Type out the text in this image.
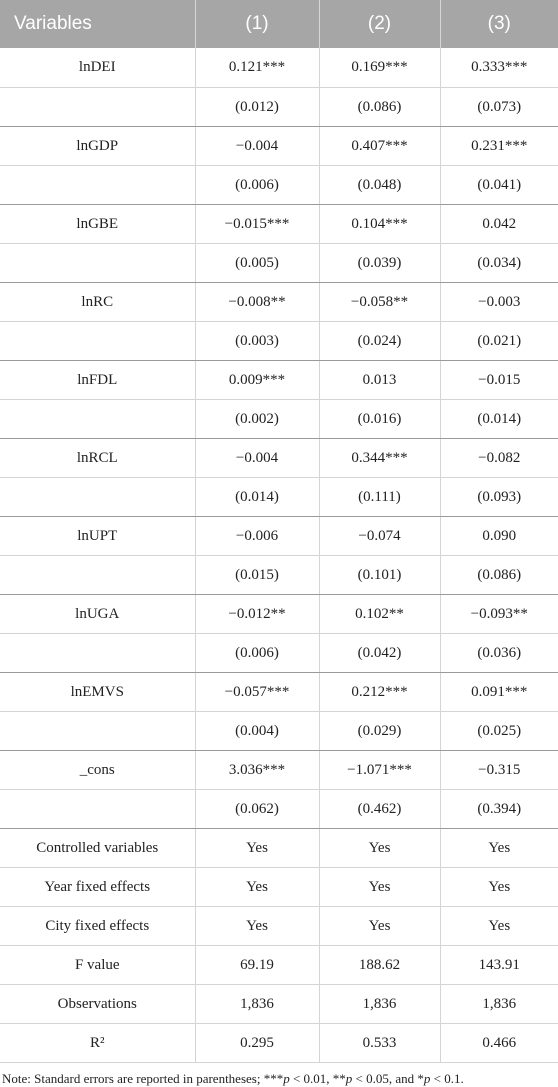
Variables	(1)	(2)	(3)
lnDEI	0.121***	0.169***	0.333***
	(0.012)	(0.086)	(0.073)
lnGDP	−0.004	0.407***	0.231***
	(0.006)	(0.048)	(0.041)
lnGBE	−0.015***	0.104***	0.042
	(0.005)	(0.039)	(0.034)
lnRC	−0.008**	−0.058**	−0.003
	(0.003)	(0.024)	(0.021)
lnFDL	0.009***	0.013	−0.015
	(0.002)	(0.016)	(0.014)
lnRCL	−0.004	0.344***	−0.082
	(0.014)	(0.111)	(0.093)
lnUPT	−0.006	−0.074	0.090
	(0.015)	(0.101)	(0.086)
lnUGA	−0.012**	0.102**	−0.093**
	(0.006)	(0.042)	(0.036)
lnEMVS	−0.057***	0.212***	0.091***
	(0.004)	(0.029)	(0.025)
_cons	3.036***	−1.071***	−0.315
	(0.062)	(0.462)	(0.394)
Controlled variables	Yes	Yes	Yes
Year fixed effects	Yes	Yes	Yes
City fixed effects	Yes	Yes	Yes
F value	69.19	188.62	143.91
Observations	1,836	1,836	1,836
R²	0.295	0.533	0.466
Note: Standard errors are reported in parentheses; ***p < 0.01, **p < 0.05, and *p < 0.1.
